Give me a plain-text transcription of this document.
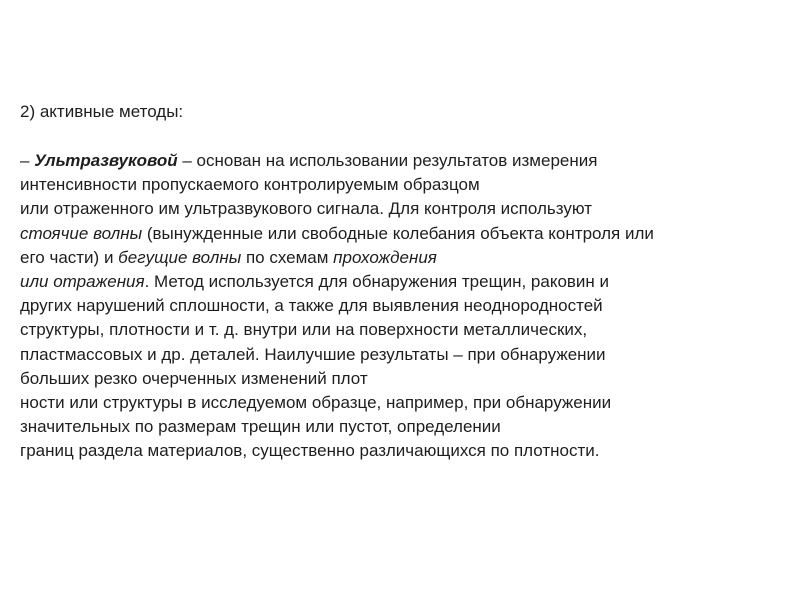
2) активные методы:
– Ультразвуковой – основан на использовании результатов измерения
интенсивности пропускаемого контролируемым образцом
или отраженного им ультразвукового сигнала. Для контроля используют
стоячие волны (вынужденные или свободные колебания объекта контроля или
его части) и бегущие волны по схемам прохождения
или отражения. Метод используется для обнаружения трещин, раковин и
других нарушений сплошности, а также для выявления неоднородностей
структуры, плотности и т. д. внутри или на поверхности металлических,
пластмассовых и др. деталей. Наилучшие результаты – при обнаружении
больших резко очерченных изменений плот
ности или структуры в исследуемом образце, например, при обнаружении
значительных по размерам трещин или пустот, определении
границ раздела материалов, существенно различающихся по плотности.
